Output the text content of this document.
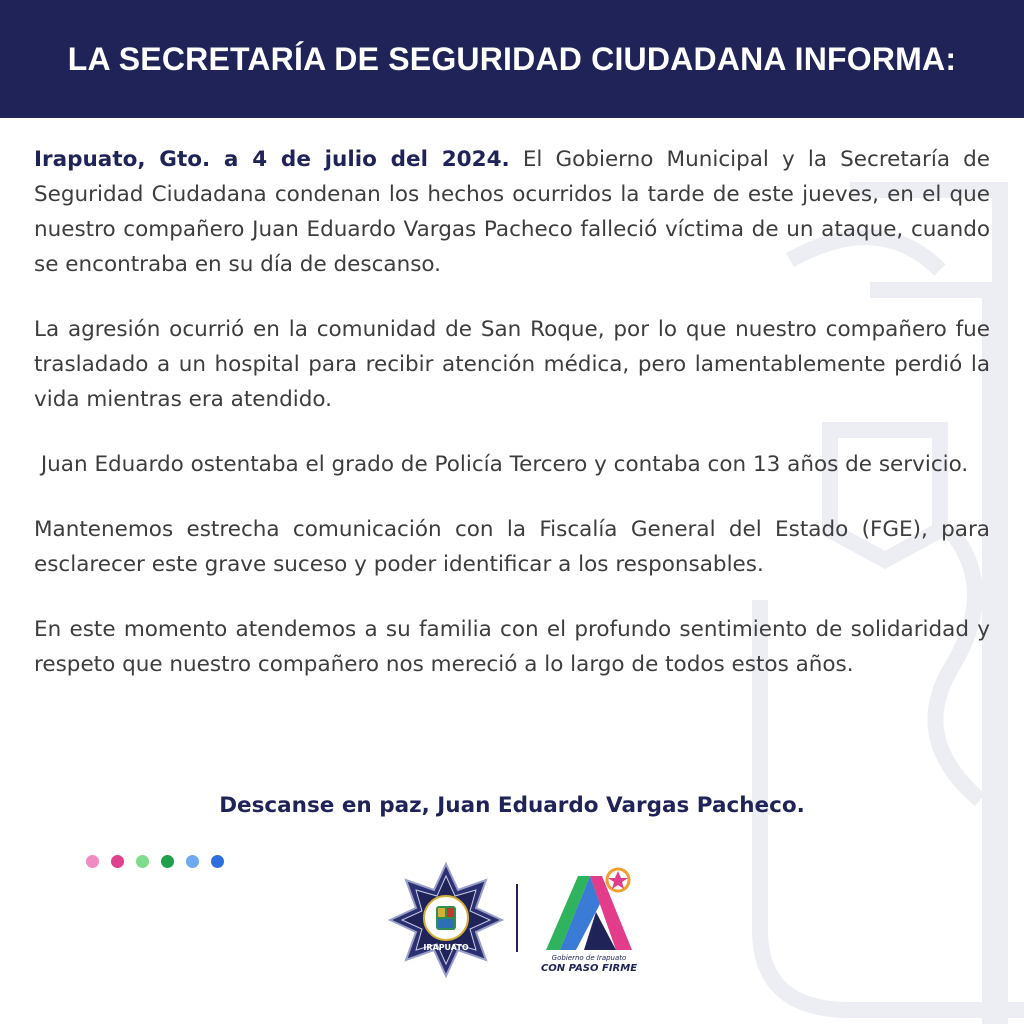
LA SECRETARÍA DE SEGURIDAD CIUDADANA INFORMA:

Irapuato, Gto. a 4 de julio del 2024. El Gobierno Municipal y la Secretaría de Seguridad Ciudadana condenan los hechos ocurridos la tarde de este jueves, en el que nuestro compañero Juan Eduardo Vargas Pacheco falleció víctima de un ataque, cuando se encontraba en su día de descanso.

La agresión ocurrió en la comunidad de San Roque, por lo que nuestro compañero fue trasladado a un hospital para recibir atención médica, pero lamentablemente perdió la vida mientras era atendido.

Juan Eduardo ostentaba el grado de Policía Tercero y contaba con 13 años de servicio.

Mantenemos estrecha comunicación con la Fiscalía General del Estado (FGE), para esclarecer este grave suceso y poder identificar a los responsables.

En este momento atendemos a su familia con el profundo sentimiento de solidaridad y respeto que nuestro compañero nos mereció a lo largo de todos estos años.

Descanse en paz, Juan Eduardo Vargas Pacheco.
IRAPUATO
Gobierno de Irapuato
CON PASO FIRME
